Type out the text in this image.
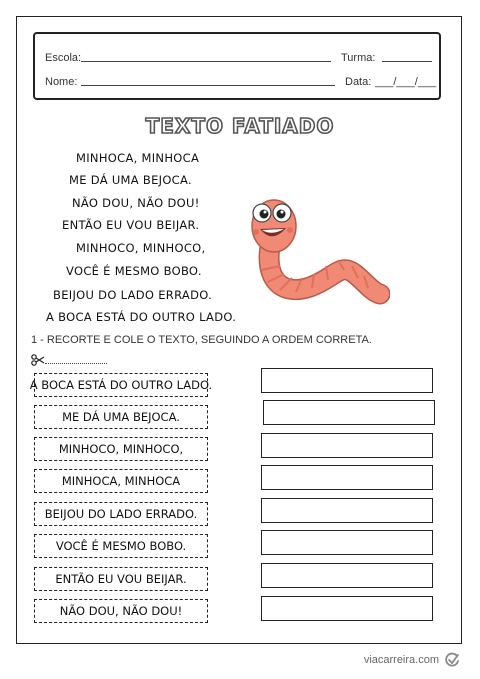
Escola:	Turma:
Nome:	Data: ___/___/___
TEXTO FATIADO
MINHOCA, MINHOCA
ME DÁ UMA BEJOCA.
NÃO DOU, NÃO DOU!
ENTÃO EU VOU BEIJAR.
MINHOCO, MINHOCO,
VOCÊ É MESMO BOBO.
BEIJOU DO LADO ERRADO.
A BOCA ESTÁ DO OUTRO LADO.
1 - RECORTE E COLE O TEXTO, SEGUINDO A ORDEM CORRETA.
A BOCA ESTÁ DO OUTRO LADO.
ME DÁ UMA BEJOCA.
MINHOCO, MINHOCO,
MINHOCA, MINHOCA
BEIJOU DO LADO ERRADO.
VOCÊ É MESMO BOBO.
ENTÃO EU VOU BEIJAR.
NÃO DOU, NÃO DOU!
viacarreira.com
